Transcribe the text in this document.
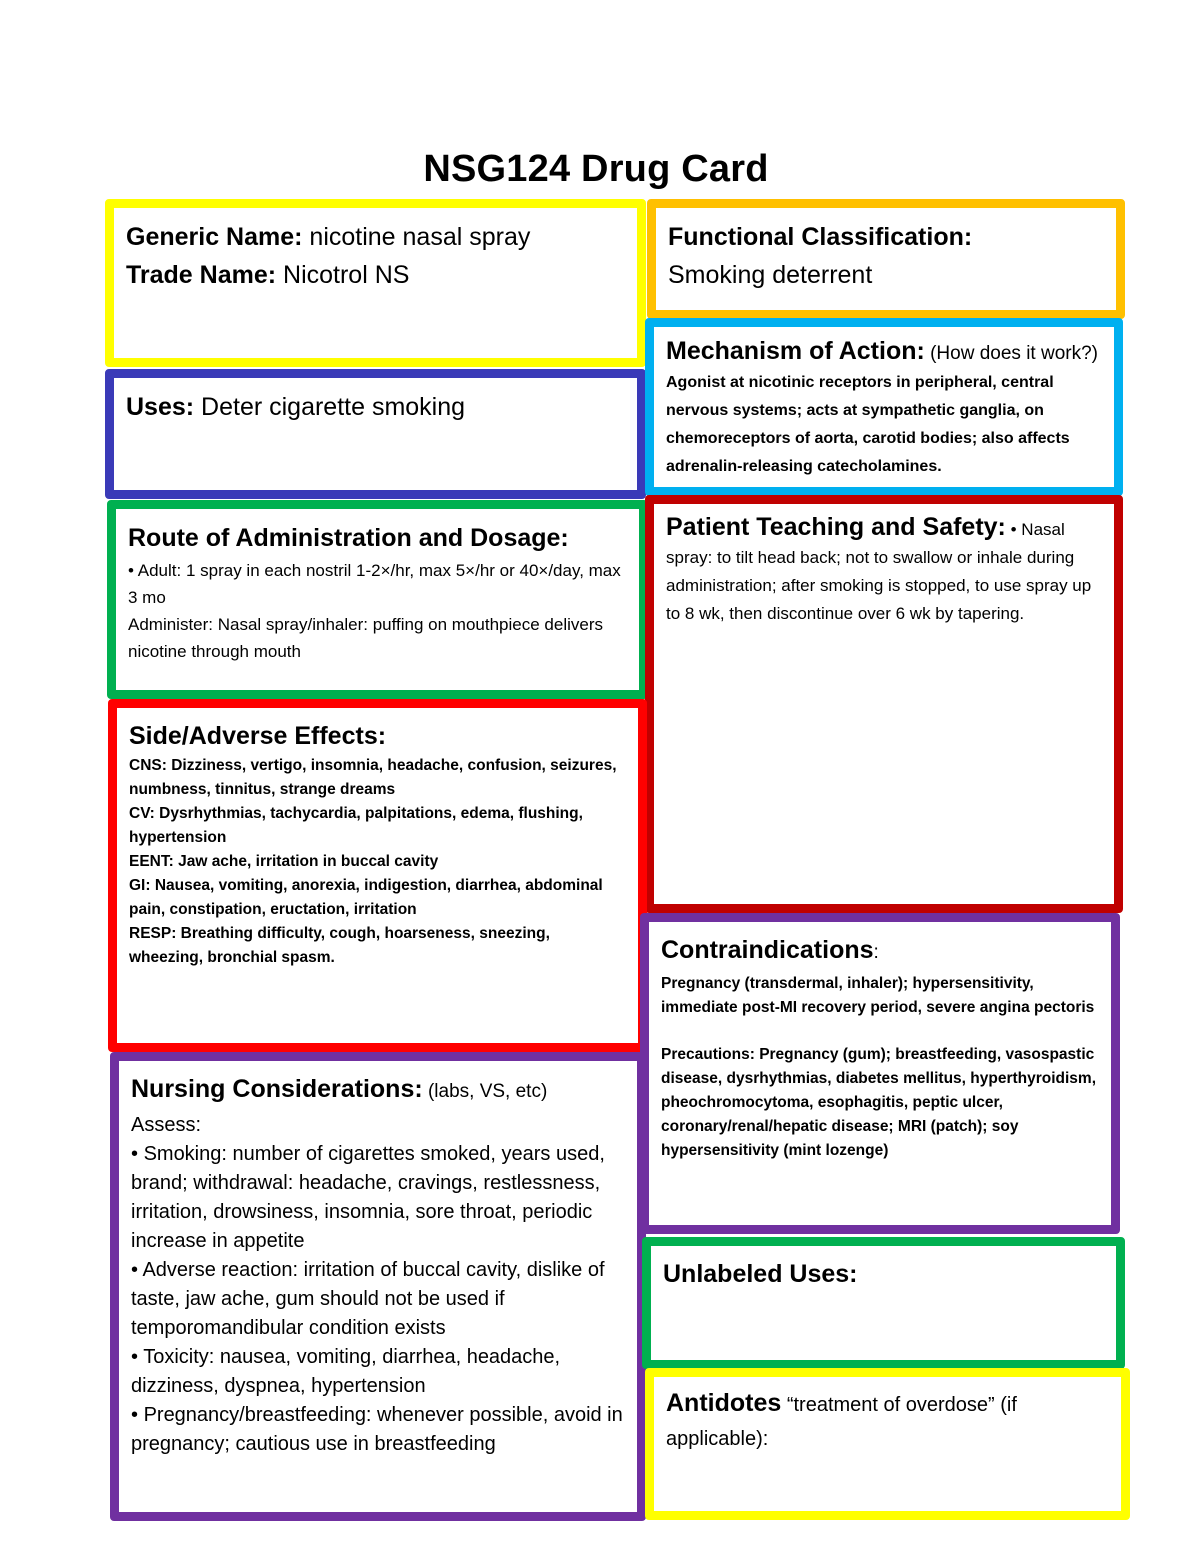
NSG124 Drug Card
Generic Name: nicotine nasal spray
Trade Name: Nicotrol NS
Functional Classification:
Smoking deterrent
Uses: Deter cigarette smoking
Mechanism of Action: (How does it work?) Agonist at nicotinic receptors in peripheral, central nervous systems; acts at sympathetic ganglia, on chemoreceptors of aorta, carotid bodies; also affects adrenalin-releasing catecholamines.
Route of Administration and Dosage:
• Adult: 1 spray in each nostril 1-2×/hr, max 5×/hr or 40×/day, max 3 mo
Administer: Nasal spray/inhaler: puffing on mouthpiece delivers nicotine through mouth
Patient Teaching and Safety: • Nasal spray: to tilt head back; not to swallow or inhale during administration; after smoking is stopped, to use spray up to 8 wk, then discontinue over 6 wk by tapering.
Side/Adverse Effects:
CNS: Dizziness, vertigo, insomnia, headache, confusion, seizures, numbness, tinnitus, strange dreams
CV: Dysrhythmias, tachycardia, palpitations, edema, flushing, hypertension
EENT: Jaw ache, irritation in buccal cavity
GI: Nausea, vomiting, anorexia, indigestion, diarrhea, abdominal pain, constipation, eructation, irritation
RESP: Breathing difficulty, cough, hoarseness, sneezing, wheezing, bronchial spasm.	Contraindications:
Pregnancy (transdermal, inhaler); hypersensitivity, immediate post-MI recovery period, severe angina pectoris
Precautions: Pregnancy (gum); breastfeeding, vasospastic disease, dysrhythmias, diabetes mellitus, hyperthyroidism, pheochromocytoma, esophagitis, peptic ulcer, coronary/renal/hepatic disease; MRI (patch); soy hypersensitivity (mint lozenge)
Nursing Considerations: (labs, VS, etc)
Assess:
• Smoking: number of cigarettes smoked, years used, brand; withdrawal: headache, cravings, restlessness, irritation, drowsiness, insomnia, sore throat, periodic increase in appetite
• Adverse reaction: irritation of buccal cavity, dislike of taste, jaw ache, gum should not be used if temporomandibular condition exists
• Toxicity: nausea, vomiting, diarrhea, headache, dizziness, dyspnea, hypertension
• Pregnancy/breastfeeding: whenever possible, avoid in pregnancy; cautious use in breastfeeding
Unlabeled Uses:
Antidotes “treatment of overdose” (if applicable):
